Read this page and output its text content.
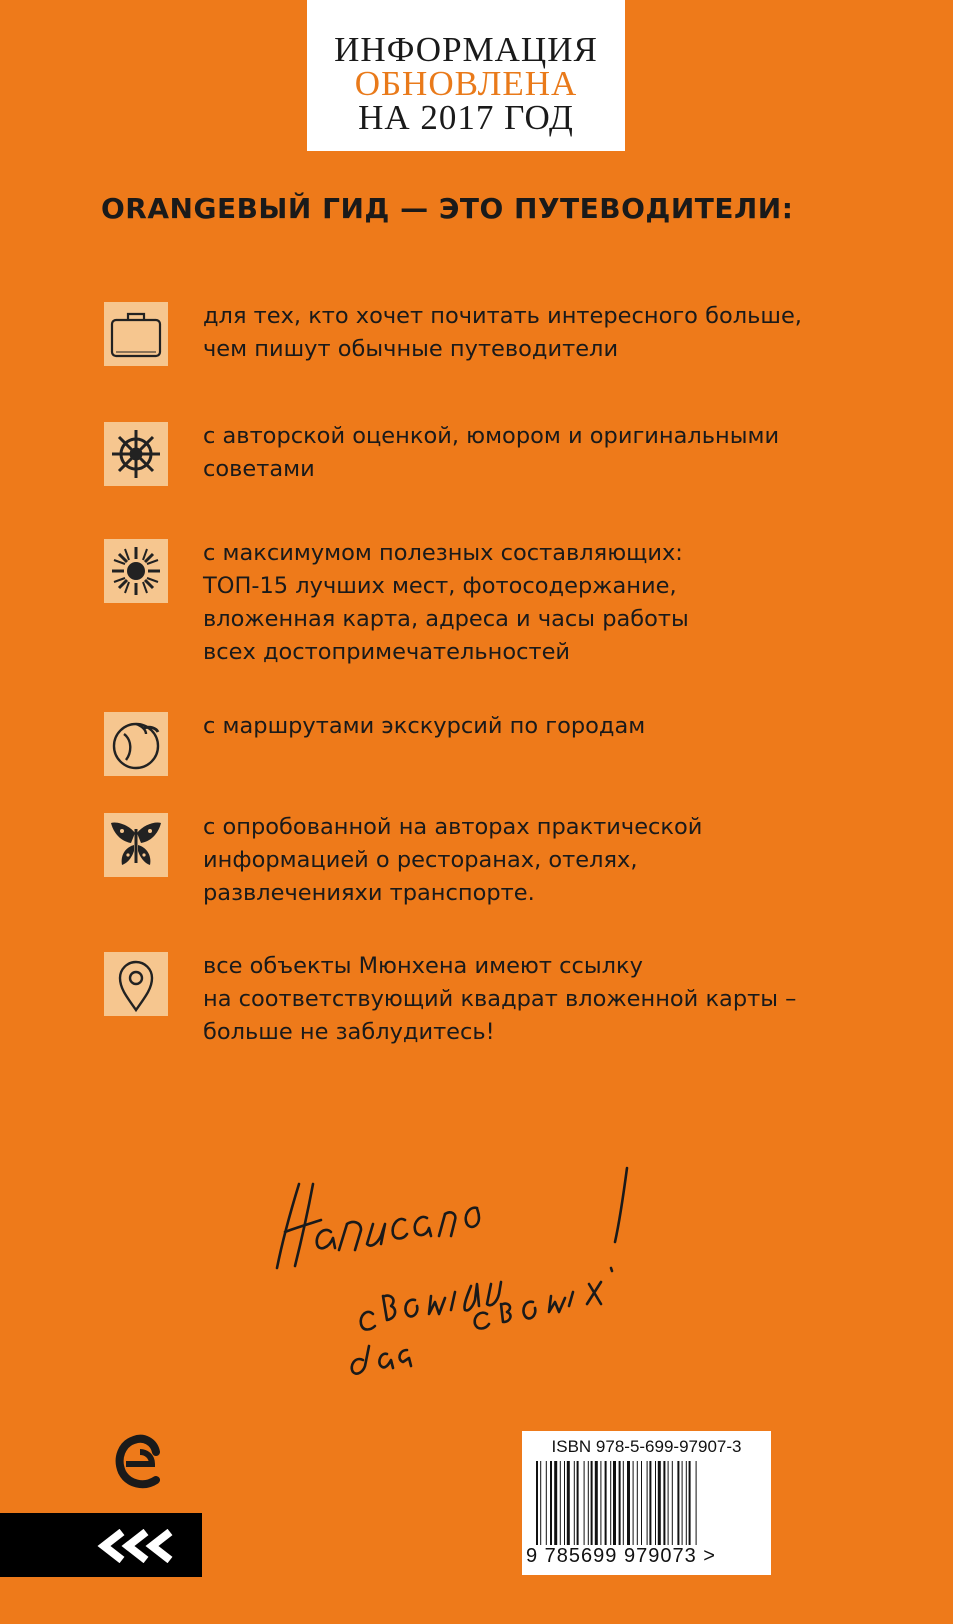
ИНФОРМАЦИЯ
ОБНОВЛЕНА
НА 2017 ГОД
ORANGEВЫЙ ГИД — ЭТО ПУТЕВОДИТЕЛИ:
для тех, кто хочет почитать интересного больше,
чем пишут обычные путеводители
с авторской оценкой, юмором и оригинальными
советами
с максимумом полезных составляющих:
ТОП-15 лучших мест, фотосодержание,
вложенная карта, адреса и часы работы
всех достопримечательностей
с маршрутами экскурсий по городам
с опробованной на авторах практической
информацией о ресторанах, отелях,
развлеченияхи транспорте.
все объекты Мюнхена имеют ссылку
на соответствующий квадрат вложенной карты –
больше не заблудитесь!
ISBN 978-5-699-97907-3
9 785699 979073 >
